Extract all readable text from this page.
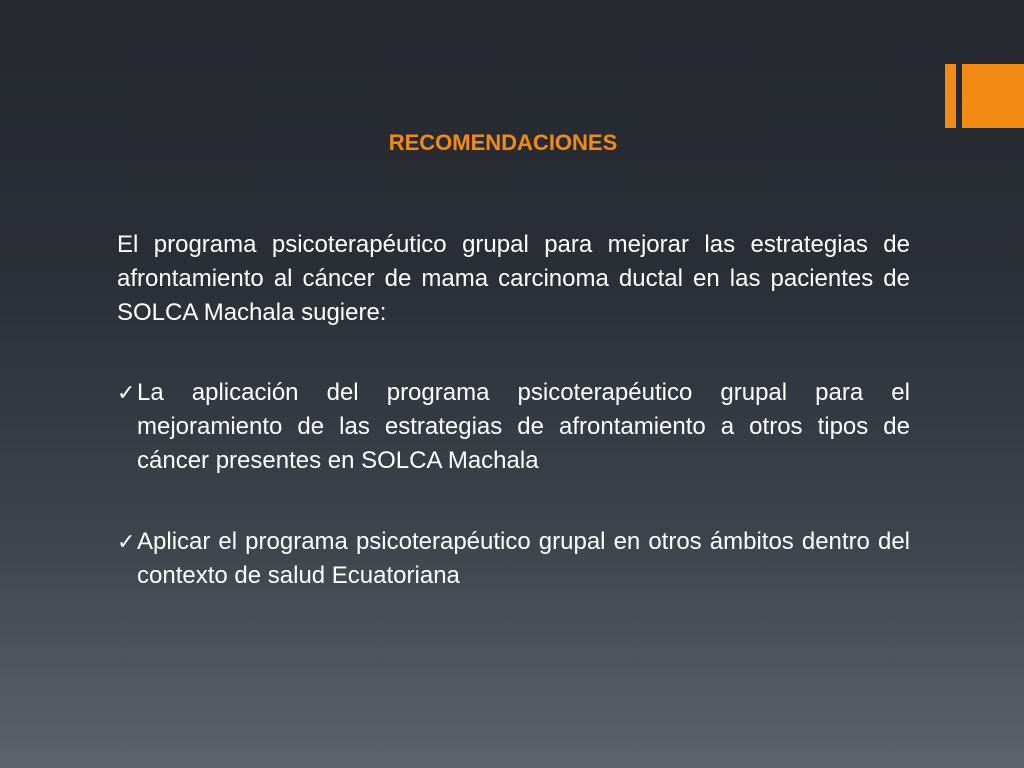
RECOMENDACIONES

El programa psicoterapéutico grupal para mejorar las estrategias de afrontamiento al cáncer de mama carcinoma ductal en las pacientes de SOLCA Machala sugiere:

✓ La aplicación del programa psicoterapéutico grupal para el mejoramiento de las estrategias de afrontamiento a otros tipos de cáncer presentes en SOLCA Machala
✓ Aplicar el programa psicoterapéutico grupal en otros ámbitos dentro del contexto de salud Ecuatoriana
